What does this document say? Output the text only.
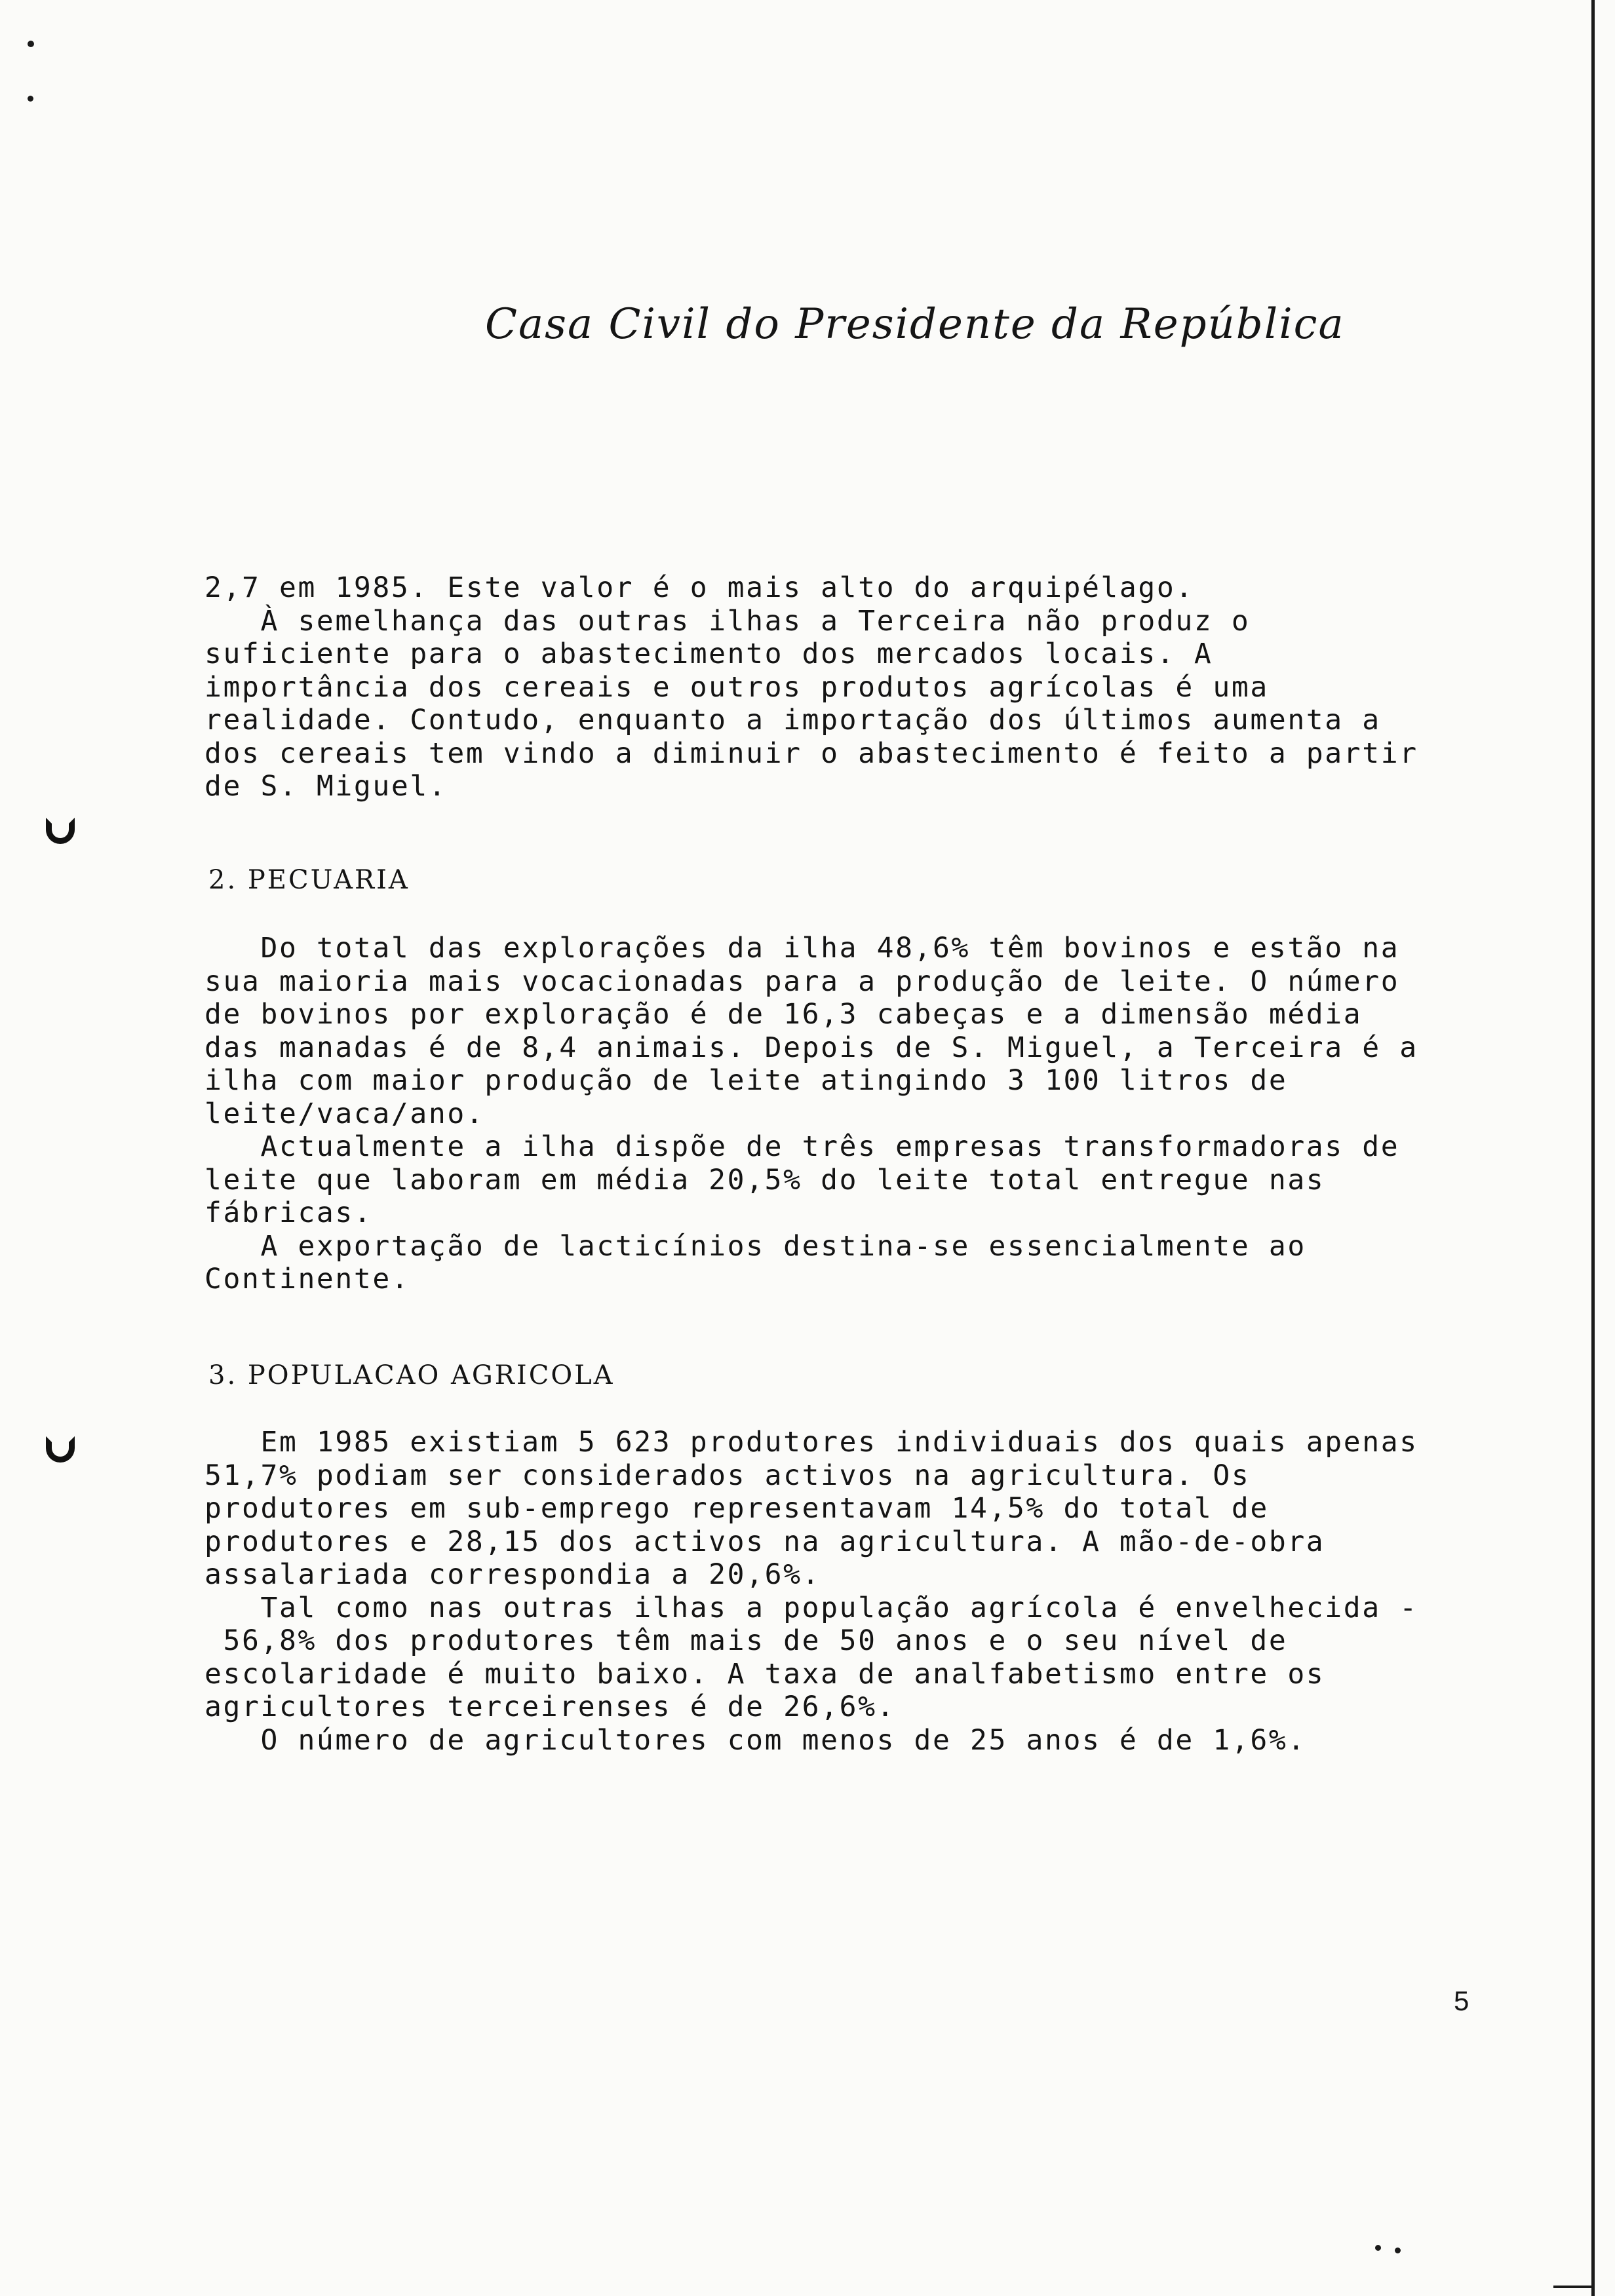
Casa Civil do Presidente da República
2,7 em 1985. Este valor é o mais alto do arquipélago.
À semelhança das outras ilhas a Terceira não produz o
suficiente para o abastecimento dos mercados locais. A
importância dos cereais e outros produtos agrícolas é uma
realidade. Contudo, enquanto a importação dos últimos aumenta a
dos cereais tem vindo a diminuir o abastecimento é feito a partir
de S. Miguel.
2. PECUARIA
Do total das explorações da ilha 48,6% têm bovinos e estão na
sua maioria mais vocacionadas para a produção de leite. O número
de bovinos por exploração é de 16,3 cabeças e a dimensão média
das manadas é de 8,4 animais. Depois de S. Miguel, a Terceira é a
ilha com maior produção de leite atingindo 3 100 litros de
leite/vaca/ano.
Actualmente a ilha dispõe de três empresas transformadoras de
leite que laboram em média 20,5% do leite total entregue nas
fábricas.
A exportação de lacticínios destina-se essencialmente ao
Continente.
3. POPULACAO AGRICOLA
Em 1985 existiam 5 623 produtores individuais dos quais apenas
51,7% podiam ser considerados activos na agricultura. Os
produtores em sub-emprego representavam 14,5% do total de
produtores e 28,15 dos activos na agricultura. A mão-de-obra
assalariada correspondia a 20,6%.
Tal como nas outras ilhas a população agrícola é envelhecida -
56,8% dos produtores têm mais de 50 anos e o seu nível de
escolaridade é muito baixo. A taxa de analfabetismo entre os
agricultores terceirenses é de 26,6%.
O número de agricultores com menos de 25 anos é de 1,6%.
5
